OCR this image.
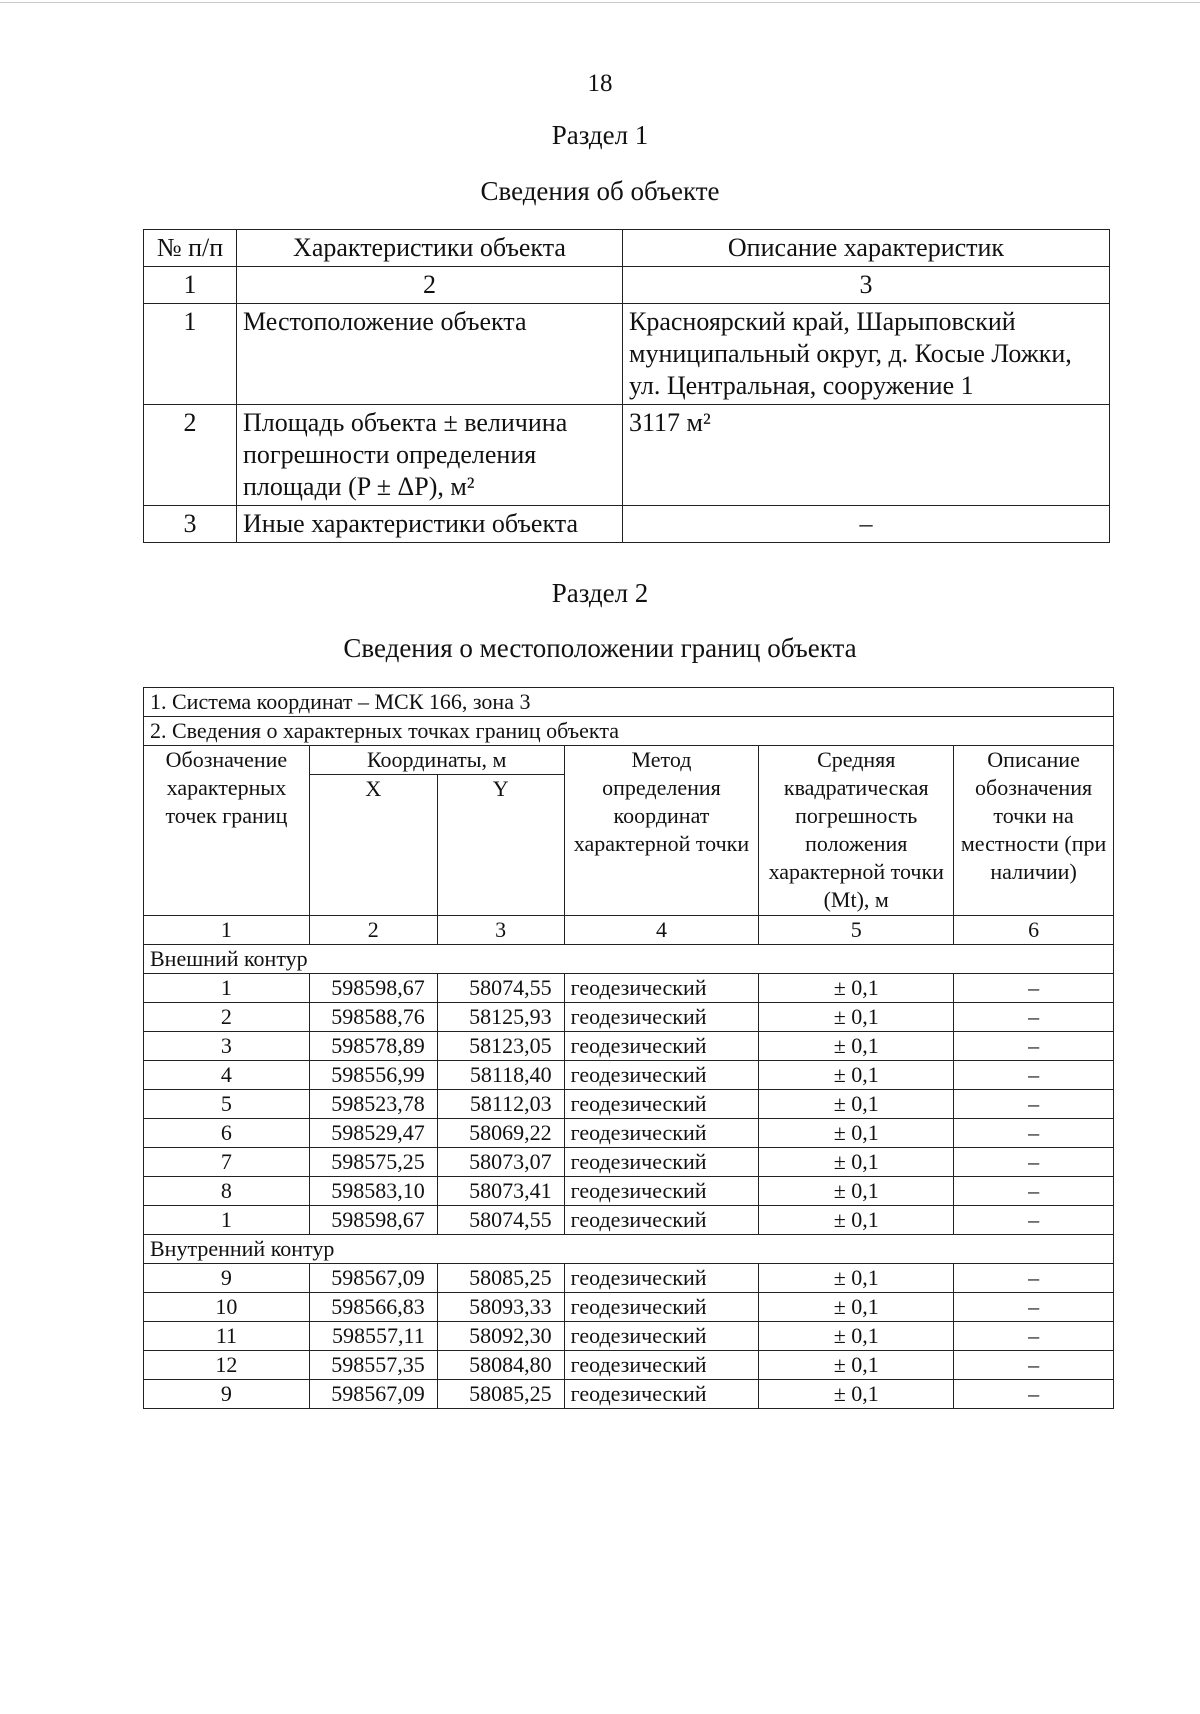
18
Раздел 1
Сведения об объекте
№ п/п	Характеристики объекта	Описание характеристик
1	2	3
1	Местоположение объекта	Красноярский край, Шарыповский муниципальный округ, д. Косые Ложки, ул. Центральная, сооружение 1
2	Площадь объекта ± величина погрешности определения площади (P ± ΔP), м²	3117 м²
3	Иные характеристики объекта	–
Раздел 2
Сведения о местоположении границ объекта
1. Система координат – МСК 166, зона 3					
2. Сведения о характерных точках границ объекта					
Обозначение характерных точек границ	Координаты, м		Метод определения координат характерной точки	Средняя квадратическая погрешность положения характерной точки (Mt), м	Описание обозначения точки на местности (при наличии)
	X	Y			
1	2	3	4	5	6
Внешний контур					
1	598598,67	58074,55	геодезический	± 0,1	–
2	598588,76	58125,93	геодезический	± 0,1	–
3	598578,89	58123,05	геодезический	± 0,1	–
4	598556,99	58118,40	геодезический	± 0,1	–
5	598523,78	58112,03	геодезический	± 0,1	–
6	598529,47	58069,22	геодезический	± 0,1	–
7	598575,25	58073,07	геодезический	± 0,1	–
8	598583,10	58073,41	геодезический	± 0,1	–
1	598598,67	58074,55	геодезический	± 0,1	–
Внутренний контур					
9	598567,09	58085,25	геодезический	± 0,1	–
10	598566,83	58093,33	геодезический	± 0,1	–
11	598557,11	58092,30	геодезический	± 0,1	–
12	598557,35	58084,80	геодезический	± 0,1	–
9	598567,09	58085,25	геодезический	± 0,1	–
